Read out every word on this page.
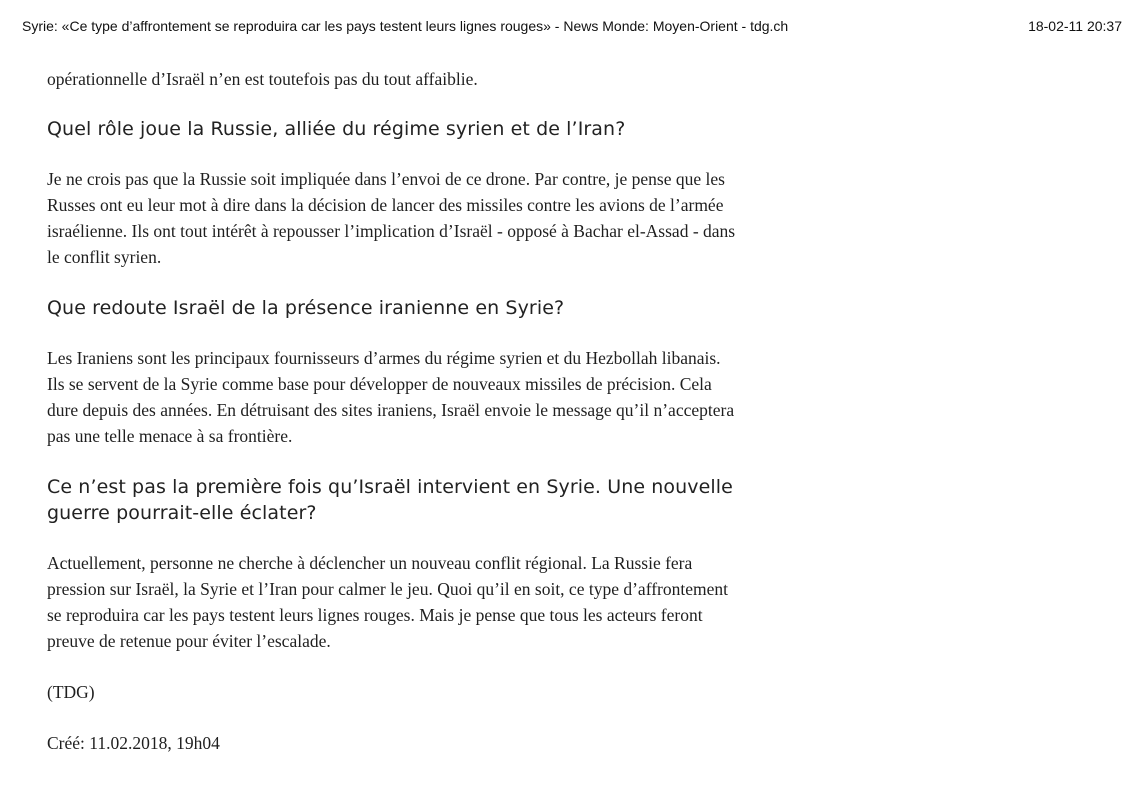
Syrie: «Ce type d’affrontement se reproduira car les pays testent leurs lignes rouges» - News Monde: Moyen-Orient - tdg.ch	18-02-11 20:37

opérationnelle d’Israël n’en est toutefois pas du tout affaiblie.

Quel rôle joue la Russie, alliée du régime syrien et de l’Iran?

Je ne crois pas que la Russie soit impliquée dans l’envoi de ce drone. Par contre, je pense que les Russes ont eu leur mot à dire dans la décision de lancer des missiles contre les avions de l’armée israélienne. Ils ont tout intérêt à repousser l’implication d’Israël - opposé à Bachar el-Assad - dans le conflit syrien.

Que redoute Israël de la présence iranienne en Syrie?

Les Iraniens sont les principaux fournisseurs d’armes du régime syrien et du Hezbollah libanais. Ils se servent de la Syrie comme base pour développer de nouveaux missiles de précision. Cela dure depuis des années. En détruisant des sites iraniens, Israël envoie le message qu’il n’acceptera pas une telle menace à sa frontière.

Ce n’est pas la première fois qu’Israël intervient en Syrie. Une nouvelle guerre pourrait-elle éclater?

Actuellement, personne ne cherche à déclencher un nouveau conflit régional. La Russie fera pression sur Israël, la Syrie et l’Iran pour calmer le jeu. Quoi qu’il en soit, ce type d’affrontement se reproduira car les pays testent leurs lignes rouges. Mais je pense que tous les acteurs feront preuve de retenue pour éviter l’escalade.

(TDG)

Créé: 11.02.2018, 19h04
